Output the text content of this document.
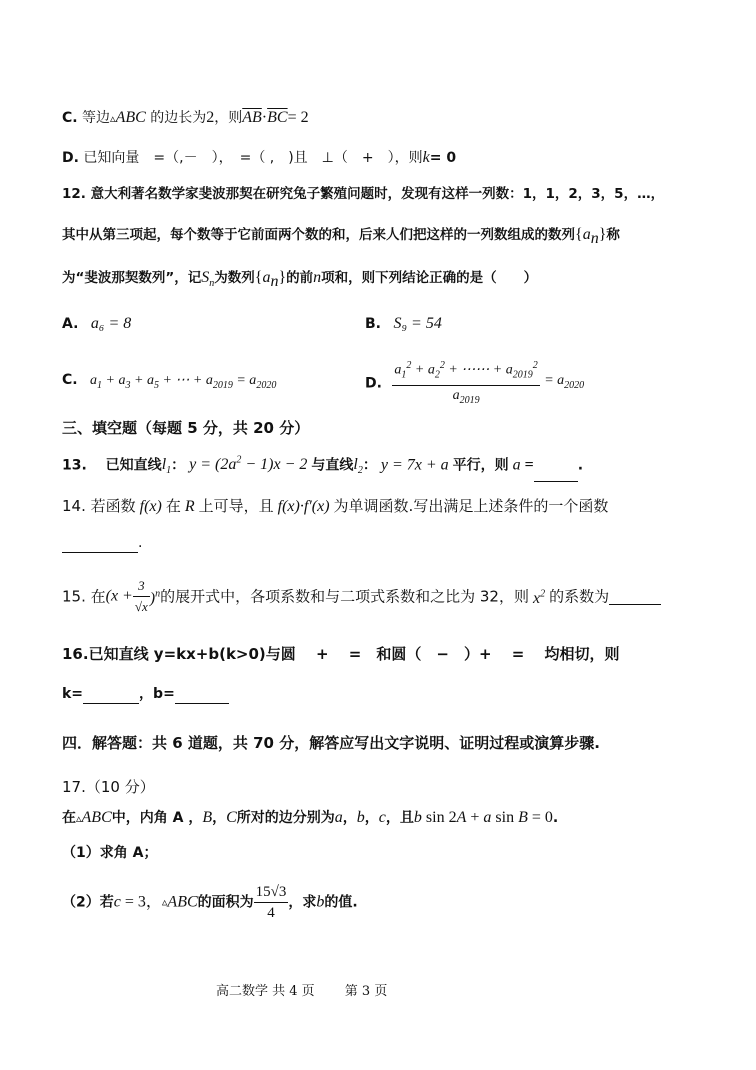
C. 等边▵ABC 的边长为2，则$\overline{AB}\cdot\overline{BC}= 2$
D. 已知向量　=（,－　），　=（ ,　)且　⊥（　+　），则k= 0
12. 意大利著名数学家斐波那契在研究兔子繁殖问题时，发现有这样一列数：1，1，2，3，5，…，
其中从第三项起，每个数等于它前面两个数的和，后来人们把这样的一列数组成的数列$\{a_n\}$称
为“斐波那契数列”，记$S_n$为数列$\{a_n\}$的前n项和，则下列结论正确的是（　　）
A. a₆ = 8	B. S₉ = 54
C. $a_1 + a_3 + a_5$ + ⋯ + $a_{2019} = a_{2020}$	D. $\frac{a_1^2 + a_2^2 + \cdots\cdots + a_{2019}^2}{a_{2019}} = a_{2020}$
三、填空题（每题 5 分，共 20 分）
13.　 已知直线$l_1$： $y = (2a^2 - 1)x - 2$ 与直线$l_2$： y = 7x + a 平行，则 a =	.
14. 若函数 f(x) 在 R 上可导，且 f(x)·f′(x) 为单调函数.写出满足上述条件的一个函数
.
15. 在$(x + \frac{3}{√x} )^n$的展开式中，各项系数和与二项式系数和之比为 32，则 $x^2$ 的系数为
16.已知直线 y=kx+b(k>0)与圆　 +　 =　和圆（　−　）+　 =　 均相切，则
k=	，b=
四．解答题：共 6 道题，共 70 分，解答应写出文字说明、证明过程或演算步骤.
17.（10 分）
在▵ABC中，内角 A ，B，C所对的边分别为a，b，c，且b sin 2A + a sin B = 0.
（1）求角 A；
（2）若c = 3，▵ABC的面积为 $\frac{15√3}{4}$ ，求b的值.
高二数学 共 4 页　　 第 3 页
